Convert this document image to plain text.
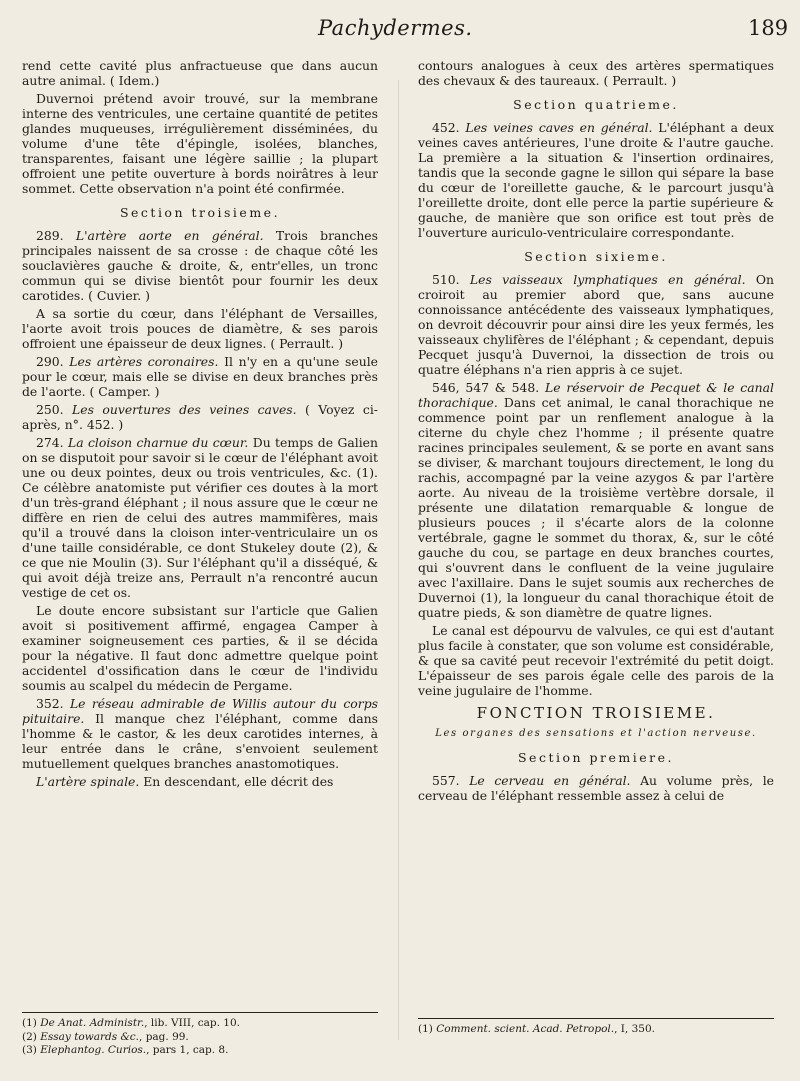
Pachydermes.	189

rend cette cavité plus anfractueuse que dans aucun autre animal. ( Idem.)

Duvernoi prétend avoir trouvé, sur la membrane interne des ventricules, une certaine quantité de petites glandes muqueuses, irrégulièrement disséminées, du volume d'une tête d'épingle, isolées, blanches, transparentes, faisant une légère saillie ; la plupart offroient une petite ouverture à bords noirâtres à leur sommet. Cette observation n'a point été confirmée.

Section troisieme.

289. L'artère aorte en général. Trois branches principales naissent de sa crosse : de chaque côté les souclavières gauche & droite, &, entr'elles, un tronc commun qui se divise bientôt pour fournir les deux carotides. ( Cuvier. )

A sa sortie du cœur, dans l'éléphant de Versailles, l'aorte avoit trois pouces de diamètre, & ses parois offroient une épaisseur de deux lignes. ( Perrault. )

290. Les artères coronaires. Il n'y en a qu'une seule pour le cœur, mais elle se divise en deux branches près de l'aorte. ( Camper. )

250. Les ouvertures des veines caves. ( Voyez ci-après, n°. 452. )

274. La cloison charnue du cœur. Du temps de Galien on se disputoit pour savoir si le cœur de l'éléphant avoit une ou deux pointes, deux ou trois ventricules, &c. (1). Ce célèbre anatomiste put vérifier ces doutes à la mort d'un très-grand éléphant ; il nous assure que le cœur ne diffère en rien de celui des autres mammifères, mais qu'il a trouvé dans la cloison inter-ventriculaire un os d'une taille considérable, ce dont Stukeley doute (2), & ce que nie Moulin (3). Sur l'éléphant qu'il a disséqué, & qui avoit déjà treize ans, Perrault n'a rencontré aucun vestige de cet os.

Le doute encore subsistant sur l'article que Galien avoit si positivement affirmé, engagea Camper à examiner soigneusement ces parties, & il se décida pour la négative. Il faut donc admettre quelque point accidentel d'ossification dans le cœur de l'individu soumis au scalpel du médecin de Pergame.

352. Le réseau admirable de Willis autour du corps pituitaire. Il manque chez l'éléphant, comme dans l'homme & le castor, & les deux carotides internes, à leur entrée dans le crâne, s'envoient seulement mutuellement quelques branches anastomotiques.

L'artère spinale. En descendant, elle décrit des

(1) De Anat. Administr., lib. VIII, cap. 10.

(2) Essay towards &c., pag. 99.

(3) Elephantog. Curios., pars 1, cap. 8.

contours analogues à ceux des artères spermatiques des chevaux & des taureaux. ( Perrault. )

Section quatrieme.

452. Les veines caves en général. L'éléphant a deux veines caves antérieures, l'une droite & l'autre gauche. La première a la situation & l'insertion ordinaires, tandis que la seconde gagne le sillon qui sépare la base du cœur de l'oreillette gauche, & le parcourt jusqu'à l'oreillette droite, dont elle perce la partie supérieure & gauche, de manière que son orifice est tout près de l'ouverture auriculo-ventriculaire correspondante.

Section sixieme.

510. Les vaisseaux lymphatiques en général. On croiroit au premier abord que, sans aucune connoissance antécédente des vaisseaux lymphatiques, on devroit découvrir pour ainsi dire les yeux fermés, les vaisseaux chylifères de l'éléphant ; & cependant, depuis Pecquet jusqu'à Duvernoi, la dissection de trois ou quatre éléphans n'a rien appris à ce sujet.

546, 547 & 548. Le réservoir de Pecquet & le canal thorachique. Dans cet animal, le canal thorachique ne commence point par un renflement analogue à la citerne du chyle chez l'homme ; il présente quatre racines principales seulement, & se porte en avant sans se diviser, & marchant toujours directement, le long du rachis, accompagné par la veine azygos & par l'artère aorte. Au niveau de la troisième vertèbre dorsale, il présente une dilatation remarquable & longue de plusieurs pouces ; il s'écarte alors de la colonne vertébrale, gagne le sommet du thorax, &, sur le côté gauche du cou, se partage en deux branches courtes, qui s'ouvrent dans le confluent de la veine jugulaire avec l'axillaire. Dans le sujet soumis aux recherches de Duvernoi (1), la longueur du canal thorachique étoit de quatre pieds, & son diamètre de quatre lignes.

Le canal est dépourvu de valvules, ce qui est d'autant plus facile à constater, que son volume est considérable, & que sa cavité peut recevoir l'extrémité du petit doigt. L'épaisseur de ses parois égale celle des parois de la veine jugulaire de l'homme.

FONCTION TROISIEME.
Les organes des sensations et l'action nerveuse.
Section premiere.

557. Le cerveau en général. Au volume près, le cerveau de l'éléphant ressemble assez à celui de

(1) Comment. scient. Acad. Petropol., I, 350.
